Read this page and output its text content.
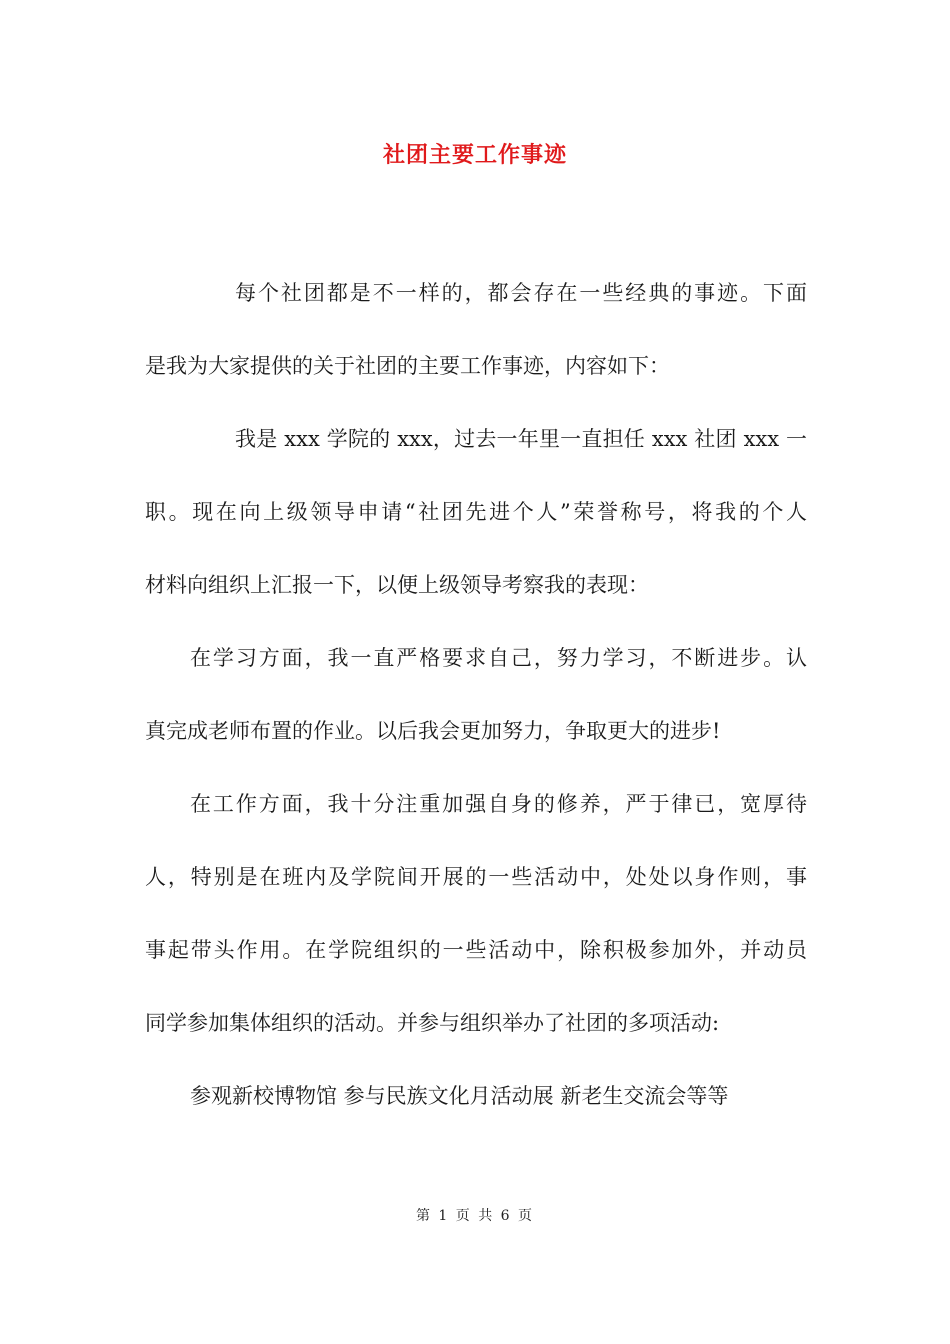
社团主要工作事迹
每个社团都是不一样的，都会存在一些经典的事迹。下面
是我为大家提供的关于社团的主要工作事迹，内容如下：
我是 xxx 学院的 xxx，过去一年里一直担任 xxx 社团 xxx 一
职。现在向上级领导申请“社团先进个人”荣誉称号，将我的个人
材料向组织上汇报一下，以便上级领导考察我的表现：
在学习方面，我一直严格要求自己，努力学习，不断进步。认
真完成老师布置的作业。以后我会更加努力，争取更大的进步!
在工作方面，我十分注重加强自身的修养，严于律已，宽厚待
人，特别是在班内及学院间开展的一些活动中，处处以身作则，事
事起带头作用。在学院组织的一些活动中，除积极参加外，并动员
同学参加集体组织的活动。并参与组织举办了社团的多项活动:
参观新校博物馆 参与民族文化月活动展 新老生交流会等等
第 1 页 共 6 页
